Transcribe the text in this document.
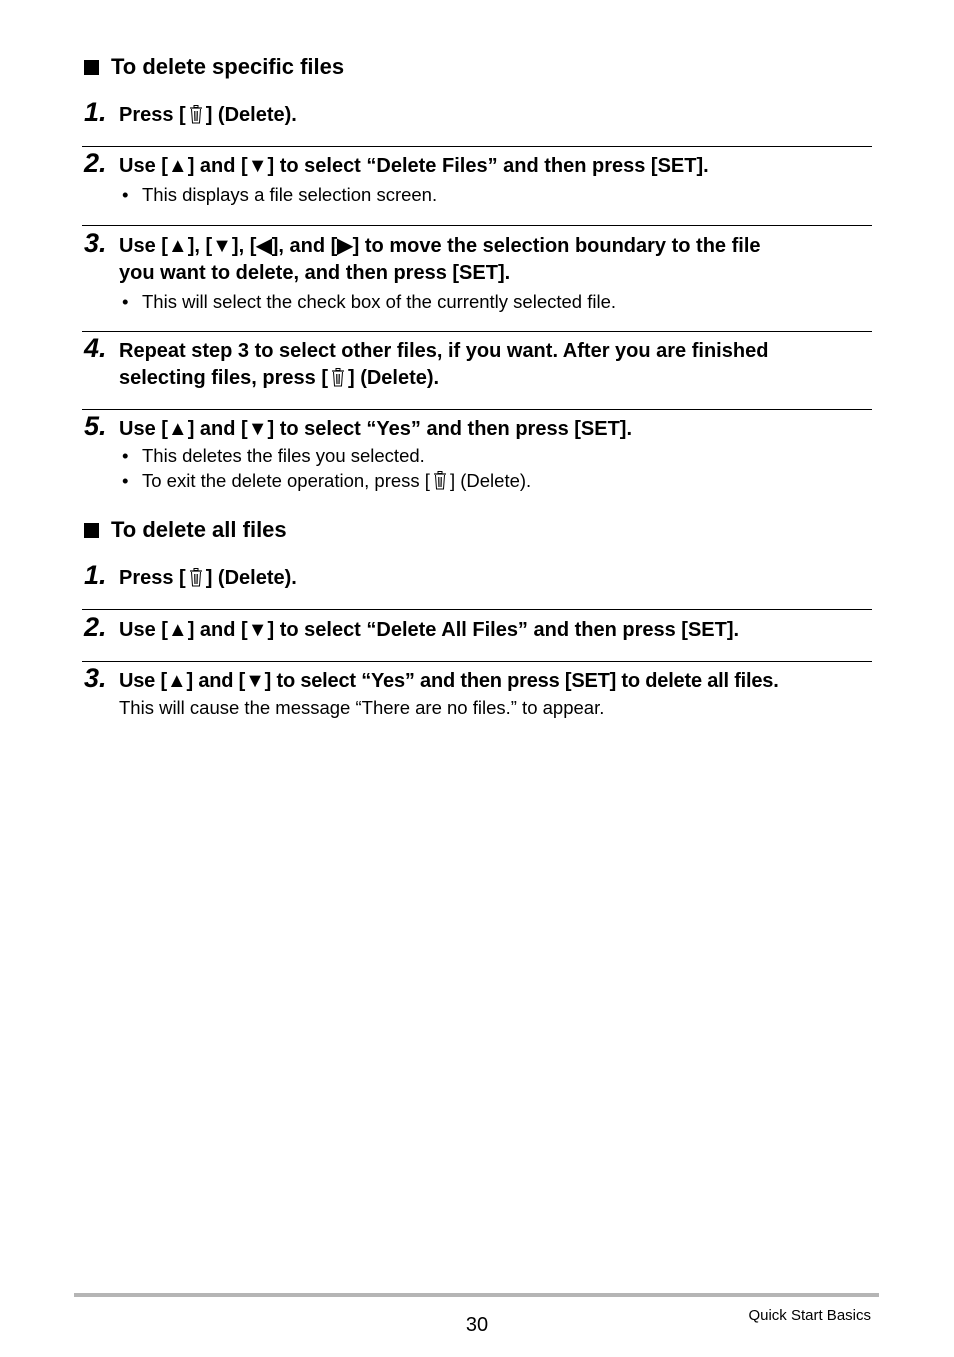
To delete specific files
1. Press [ ] (Delete).
2. Use [▲] and [▼] to select “Delete Files” and then press [SET].
• This displays a file selection screen.
3. Use [▲], [▼], [◀], and [▶] to move the selection boundary to the file
you want to delete, and then press [SET].
• This will select the check box of the currently selected file.
4. Repeat step 3 to select other files, if you want. After you are finished
selecting files, press [ ] (Delete).
5. Use [▲] and [▼] to select “Yes” and then press [SET].
• This deletes the files you selected.
• To exit the delete operation, press [ ] (Delete).
To delete all files
1. Press [ ] (Delete).
2. Use [▲] and [▼] to select “Delete All Files” and then press [SET].
3. Use [▲] and [▼] to select “Yes” and then press [SET] to delete all files.
This will cause the message “There are no files.” to appear.
30	Quick Start Basics
